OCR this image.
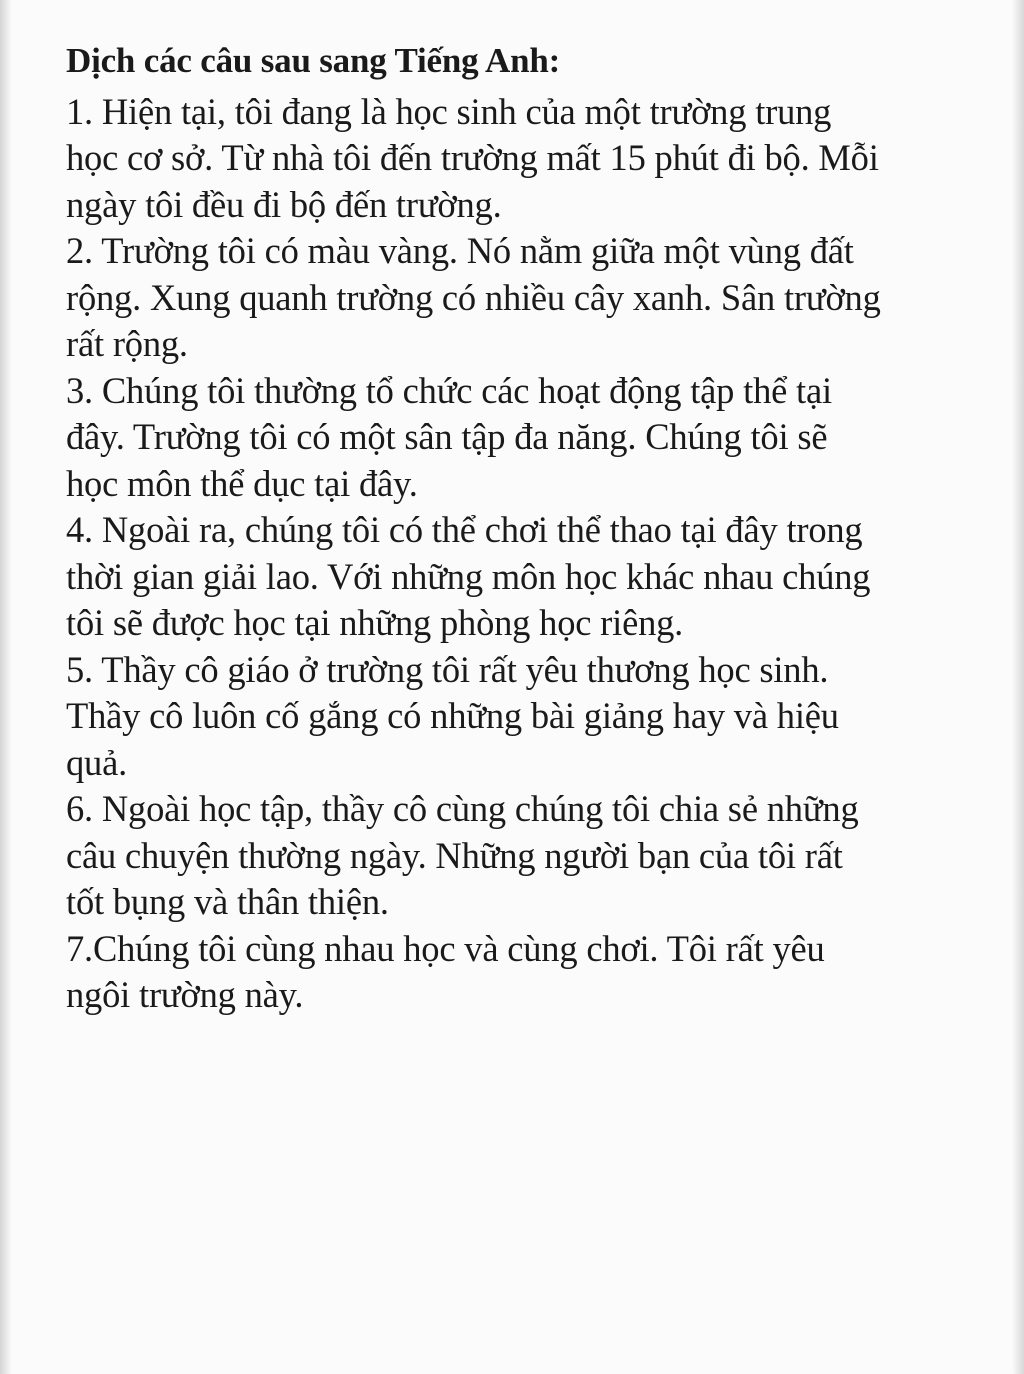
Dịch các câu sau sang Tiếng Anh:
1. Hiện tại, tôi đang là học sinh của một trường trung
học cơ sở. Từ nhà tôi đến trường mất 15 phút đi bộ. Mỗi
ngày tôi đều đi bộ đến trường.
2. Trường tôi có màu vàng. Nó nằm giữa một vùng đất
rộng. Xung quanh trường có nhiều cây xanh. Sân trường
rất rộng.
3. Chúng tôi thường tổ chức các hoạt động tập thể tại
đây. Trường tôi có một sân tập đa năng. Chúng tôi sẽ
học môn thể dục tại đây.
4. Ngoài ra, chúng tôi có thể chơi thể thao tại đây trong
thời gian giải lao. Với những môn học khác nhau chúng
tôi sẽ được học tại những phòng học riêng.
5. Thầy cô giáo ở trường tôi rất yêu thương học sinh.
Thầy cô luôn cố gắng có những bài giảng hay và hiệu
quả.
6. Ngoài học tập, thầy cô cùng chúng tôi chia sẻ những
câu chuyện thường ngày. Những người bạn của tôi rất
tốt bụng và thân thiện.
7.Chúng tôi cùng nhau học và cùng chơi. Tôi rất yêu
ngôi trường này.
